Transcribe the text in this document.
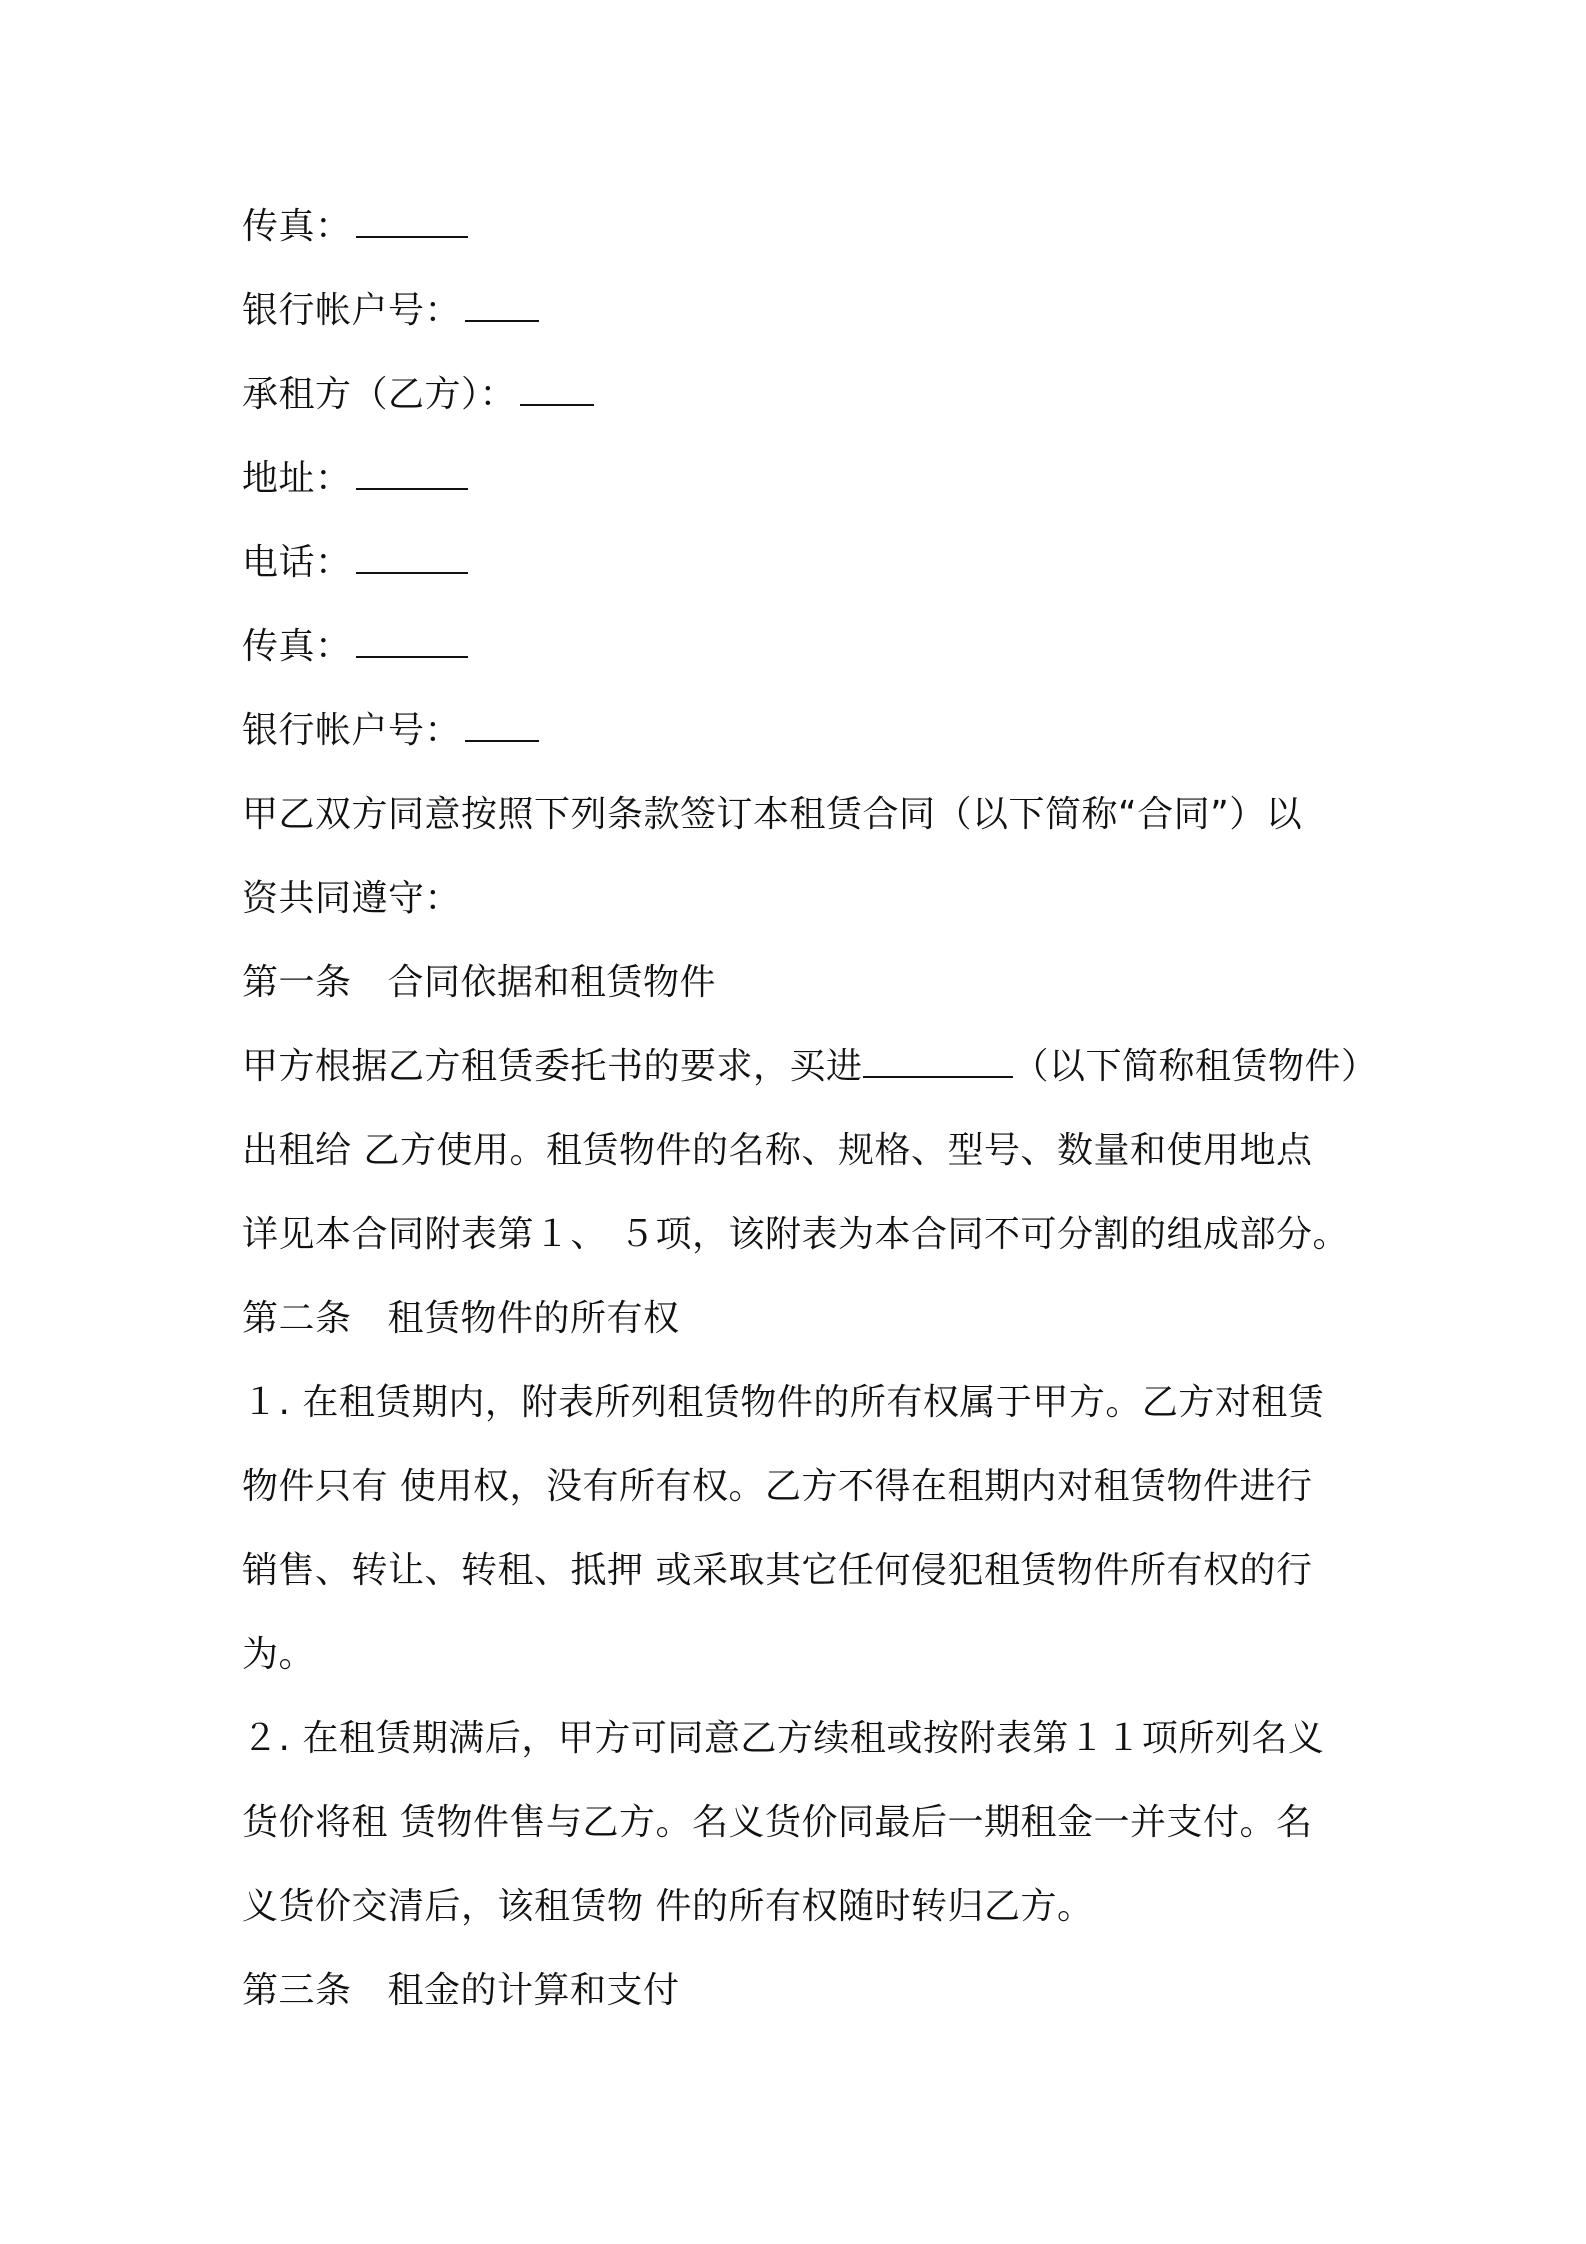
传真：
银行帐户号：
承租方（乙方）：
地址：
电话：
传真：
银行帐户号：
甲乙双方同意按照下列条款签订本租赁合同（以下简称“合同”）以
资共同遵守：
第一条 合同依据和租赁物件
甲方根据乙方租赁委托书的要求，买进	（以下简称租赁物件）
出租给 乙方使用。租赁物件的名称、规格、型号、数量和使用地点
详见本合同附表第１、 ５项，该附表为本合同不可分割的组成部分。
第二条 租赁物件的所有权
１. 在租赁期内，附表所列租赁物件的所有权属于甲方。乙方对租赁
物件只有 使用权，没有所有权。乙方不得在租期内对租赁物件进行
销售、转让、转租、抵押 或采取其它任何侵犯租赁物件所有权的行
为。
２. 在租赁期满后，甲方可同意乙方续租或按附表第１１项所列名义
货价将租 赁物件售与乙方。名义货价同最后一期租金一并支付。名
义货价交清后，该租赁物 件的所有权随时转归乙方。
第三条 租金的计算和支付
